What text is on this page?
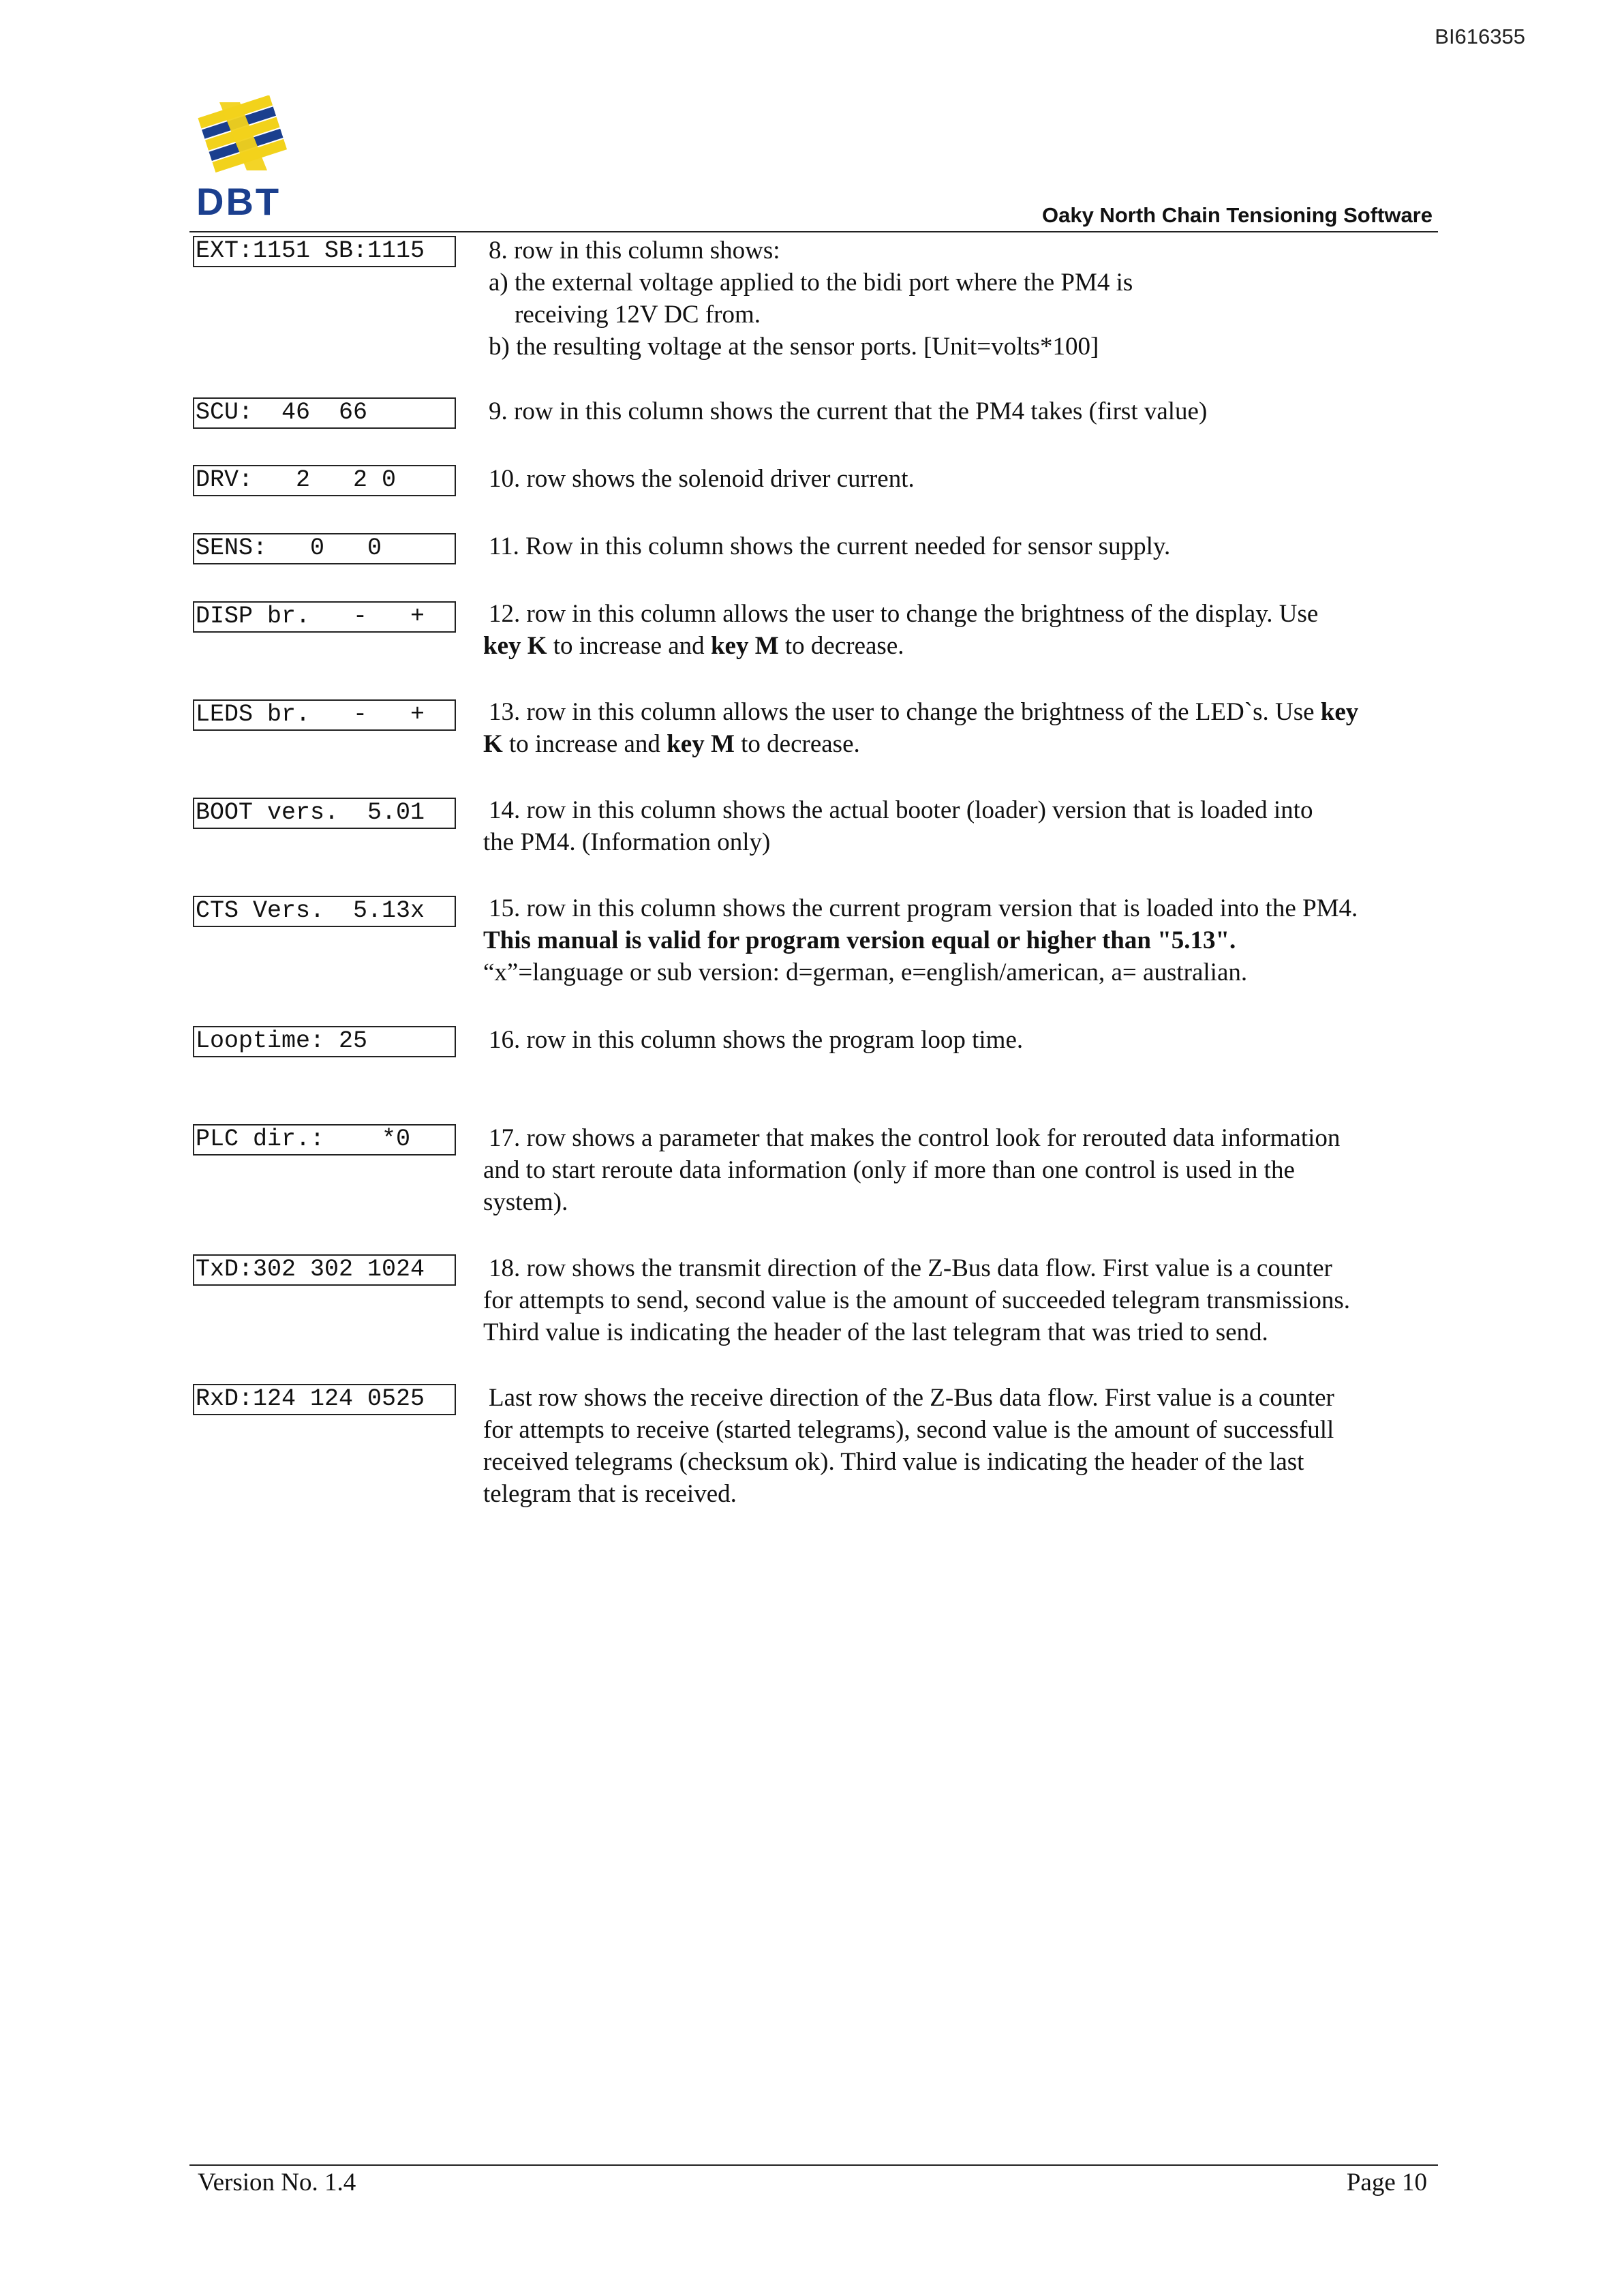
BI616355
DBT	Oaky North Chain Tensioning Software
EXT:1151 SB:1115	8. row in this column shows:

a) the external voltage applied to the bidi port where the PM4 is

receiving 12V DC from.

b) the resulting voltage at the sensor ports. [Unit=volts*100]

SCU:  46  66	9. row in this column shows the current that the PM4 takes (first value)

DRV:   2   2 0	10. row shows the solenoid driver current.

SENS:   0   0	11. Row in this column shows the current needed for sensor supply.

DISP br.   -   +	12. row in this column allows the user to change the brightness of the display. Use

key K to increase and key M to decrease.

LEDS br.   -   +	13. row in this column allows the user to change the brightness of the LED`s. Use key

K to increase and key M to decrease.

BOOT vers.  5.01	14. row in this column shows the actual booter (loader) version that is loaded into

the PM4. (Information only)

CTS Vers.  5.13x	15. row in this column shows the current program version that is loaded into the PM4.

This manual is valid for program version equal or higher than "5.13".

“x”=language or sub version: d=german, e=english/american, a= australian.

Looptime: 25	16. row in this column shows the program loop time.

PLC dir.:    *0	17. row shows a parameter that makes the control look for rerouted data information

and to start reroute data information (only if more than one control is used in the

system).

TxD:302 302 1024	18. row shows the transmit direction of the Z-Bus data flow. First value is a counter

for attempts to send, second value is the amount of succeeded telegram transmissions.

Third value is indicating the header of the last telegram that was tried to send.

RxD:124 124 0525	Last row shows the receive direction of the Z-Bus data flow. First value is a counter

for attempts to receive (started telegrams), second value is the amount of successfull

received telegrams (checksum ok). Third value is indicating the header of the last

telegram that is received.

Version No. 1.4	Page 10
